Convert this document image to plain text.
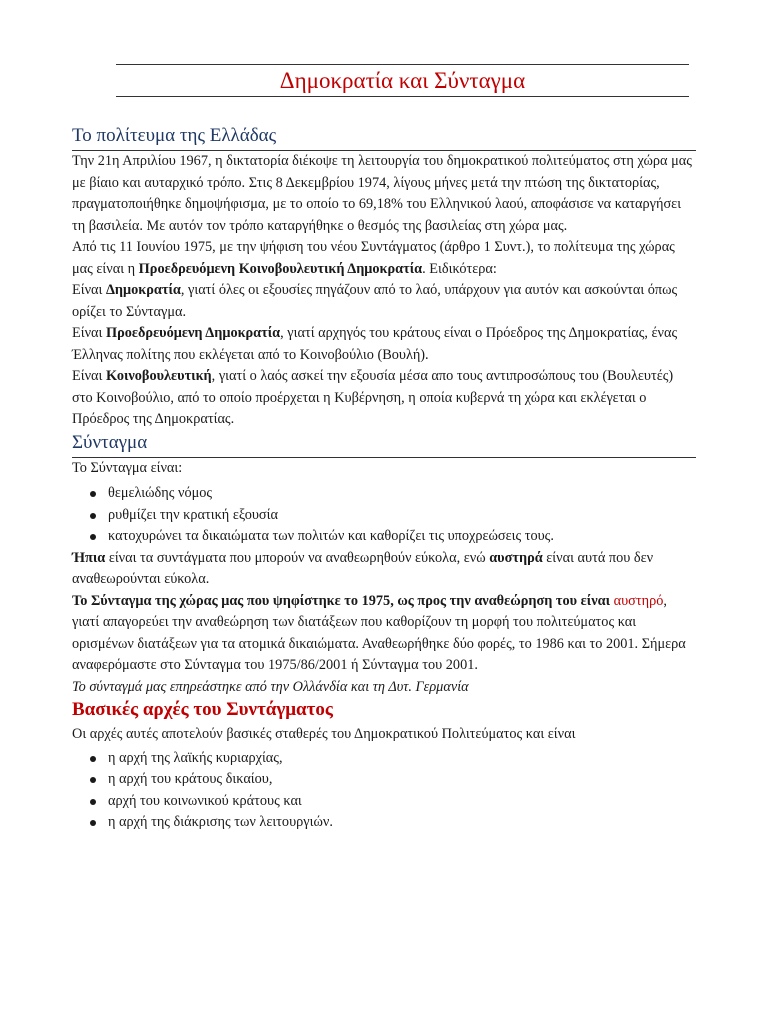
Δημοκρατία και Σύνταγμα
Το πολίτευμα της Ελλάδας

Την 21η Απριλίου 1967, η δικτατορία διέκοψε τη λειτουργία του δημοκρατικού πολιτεύματος στη χώρα μας με βίαιο και αυταρχικό τρόπο. Στις 8 Δεκεμβρίου 1974, λίγους μήνες μετά την πτώση της δικτατορίας, πραγματοποιήθηκε δημοψήφισμα, με το οποίο το 69,18% του Ελληνικού λαού, αποφάσισε να καταργήσει τη βασιλεία. Με αυτόν τον τρόπο καταργήθηκε ο θεσμός της βασιλείας στη χώρα μας.

Από τις 11 Ιουνίου 1975, με την ψήφιση του νέου Συντάγματος (άρθρο 1 Συντ.), το πολίτευμα της χώρας μας είναι η Προεδρευόμενη Κοινοβουλευτική Δημοκρατία. Ειδικότερα:

Είναι Δημοκρατία, γιατί όλες οι εξουσίες πηγάζουν από το λαό, υπάρχουν για αυτόν και ασκούνται όπως ορίζει το Σύνταγμα.

Είναι Προεδρευόμενη Δημοκρατία, γιατί αρχηγός του κράτους είναι ο Πρόεδρος της Δημοκρατίας, ένας Έλληνας πολίτης που εκλέγεται από το Κοινοβούλιο (Βουλή).

Είναι Κοινοβουλευτική, γιατί ο λαός ασκεί την εξουσία μέσα απο τους αντιπροσώπους του (Βουλευτές) στο Κοινοβούλιο, από το οποίο προέρχεται η Κυβέρνηση, η οποία κυβερνά τη χώρα και εκλέγεται ο Πρόεδρος της Δημοκρατίας.

Σύνταγμα

Το Σύνταγμα είναι:

θεμελιώδης νόμος
ρυθμίζει την κρατική εξουσία
κατοχυρώνει τα δικαιώματα των πολιτών και καθορίζει τις υποχρεώσεις τους.

Ήπια είναι τα συντάγματα που μπορούν να αναθεωρηθούν εύκολα, ενώ αυστηρά είναι αυτά που δεν αναθεωρούνται εύκολα.

Το Σύνταγμα της χώρας μας που ψηφίστηκε το 1975, ως προς την αναθεώρηση του είναι αυστηρό, γιατί απαγορεύει την αναθεώρηση των διατάξεων που καθορίζουν τη μορφή του πολιτεύματος και ορισμένων διατάξεων για τα ατομικά δικαιώματα. Αναθεωρήθηκε δύο φορές, το 1986 και το 2001. Σήμερα αναφερόμαστε στο Σύνταγμα του 1975/86/2001 ή Σύνταγμα του 2001.

Το σύνταγμά μας επηρεάστηκε από την Ολλάνδία και τη Δυτ. Γερμανία

Βασικές αρχές του Συντάγματος

Οι αρχές αυτές αποτελούν βασικές σταθερές του Δημοκρατικού Πολιτεύματος και είναι

η αρχή της λαϊκής κυριαρχίας,
η αρχή του κράτους δικαίου,
αρχή του κοινωνικού κράτους και
η αρχή της διάκρισης των λειτουργιών.
